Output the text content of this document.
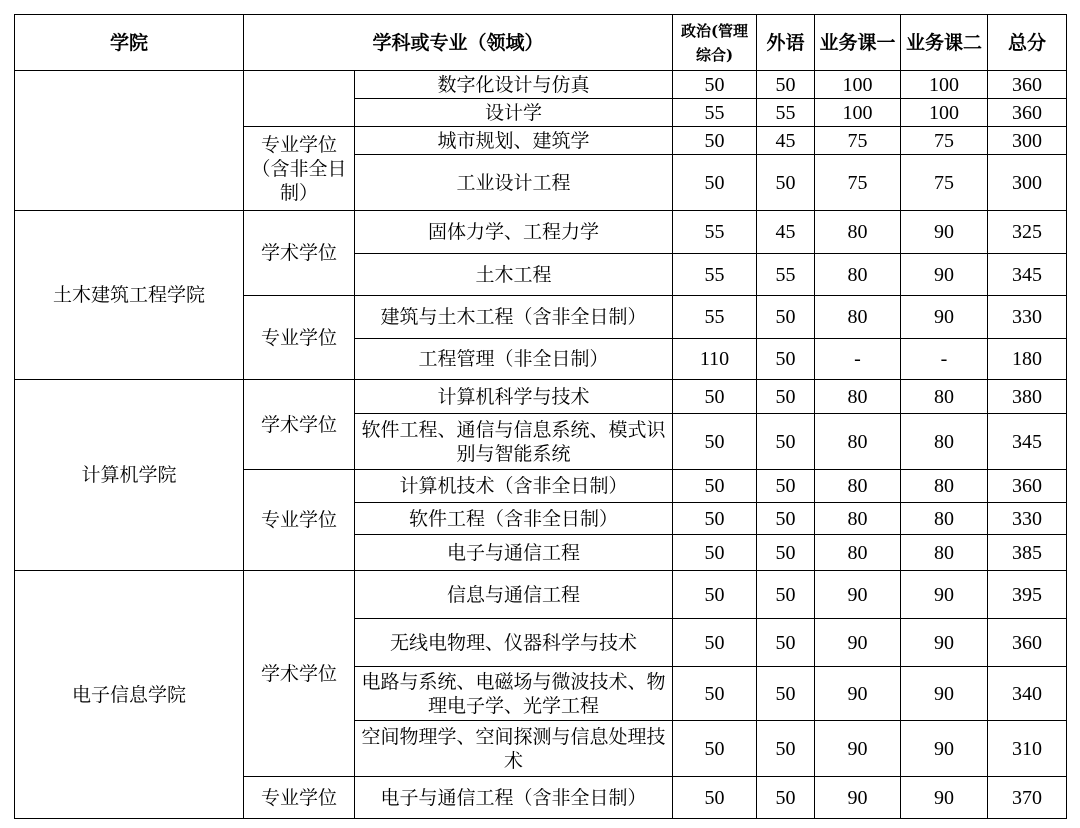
学院	学科或专业（领域）		政治(管理综合)	外语	业务课一	业务课二	总分
		数字化设计与仿真	50	50	100	100	360
		设计学	55	55	100	100	360
	专业学位（含非全日制）	城市规划、建筑学	50	45	75	75	300
		工业设计工程	50	50	75	75	300
土木建筑工程学院	学术学位	固体力学、工程力学	55	45	80	90	325
		土木工程	55	55	80	90	345
	专业学位	建筑与土木工程（含非全日制）	55	50	80	90	330
		工程管理（非全日制）	110	50	-	-	180
计算机学院	学术学位	计算机科学与技术	50	50	80	80	380
		软件工程、通信与信息系统、模式识别与智能系统	50	50	80	80	345
	专业学位	计算机技术（含非全日制）	50	50	80	80	360
		软件工程（含非全日制）	50	50	80	80	330
		电子与通信工程	50	50	80	80	385
电子信息学院	学术学位	信息与通信工程	50	50	90	90	395
		无线电物理、仪器科学与技术	50	50	90	90	360
		电路与系统、电磁场与微波技术、物理电子学、光学工程	50	50	90	90	340
		空间物理学、空间探测与信息处理技术	50	50	90	90	310
	专业学位	电子与通信工程（含非全日制）	50	50	90	90	370
